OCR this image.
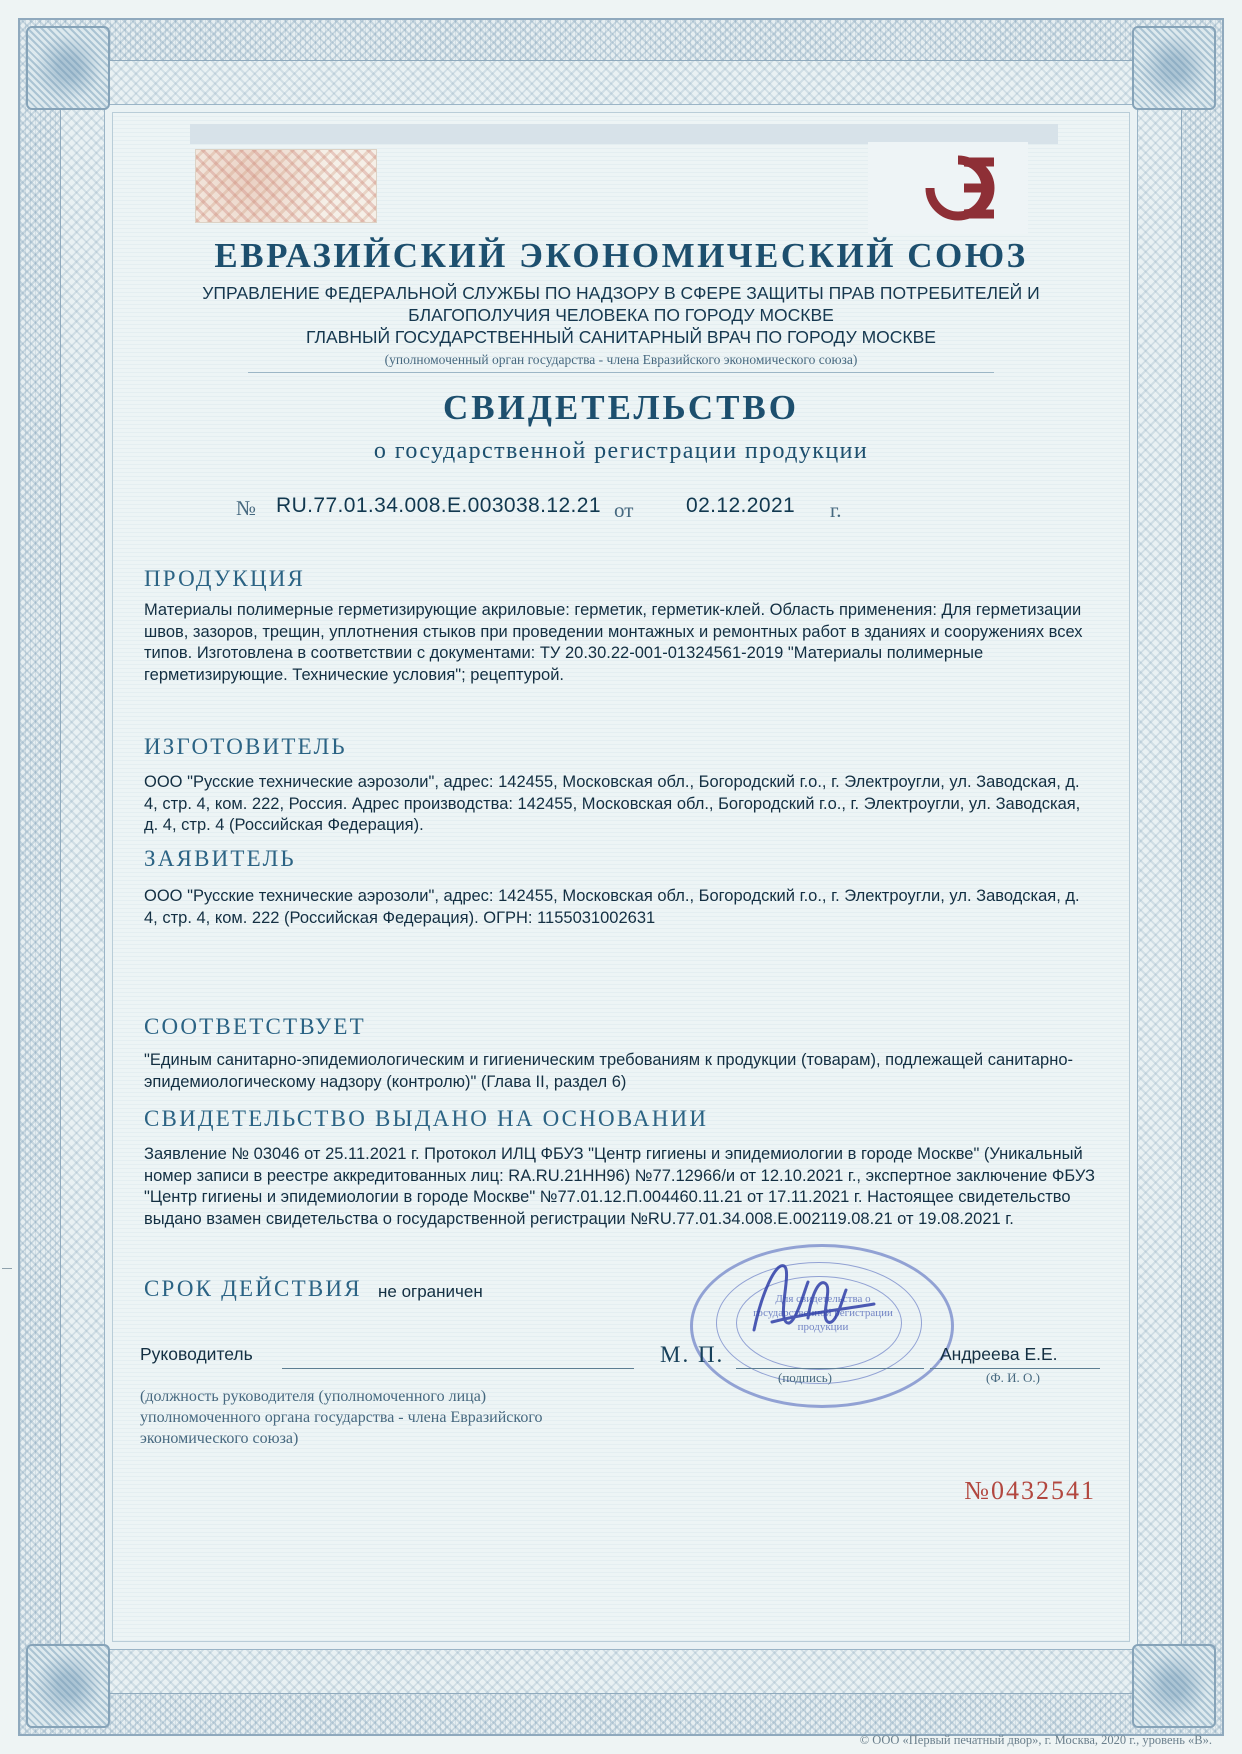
ЕВРАЗИЙСКИЙ ЭКОНОМИЧЕСКИЙ СОЮЗ
УПРАВЛЕНИЕ ФЕДЕРАЛЬНОЙ СЛУЖБЫ ПО НАДЗОРУ В СФЕРЕ ЗАЩИТЫ ПРАВ ПОТРЕБИТЕЛЕЙ И
БЛАГОПОЛУЧИЯ ЧЕЛОВЕКА ПО ГОРОДУ МОСКВЕ
ГЛАВНЫЙ ГОСУДАРСТВЕННЫЙ САНИТАРНЫЙ ВРАЧ ПО ГОРОДУ МОСКВЕ
(уполномоченный орган государства - члена Евразийского экономического союза)
СВИДЕТЕЛЬСТВО
о государственной регистрации продукции
№ RU.77.01.34.008.Е.003038.12.21 от	02.12.2021 г.
ПРОДУКЦИЯ
Материалы полимерные герметизирующие акриловые: герметик, герметик-клей. Область применения: Для герметизации швов, зазоров, трещин, уплотнения стыков при проведении монтажных и ремонтных работ в зданиях и сооружениях всех типов. Изготовлена в соответствии с документами: ТУ 20.30.22-001-01324561-2019 "Материалы полимерные герметизирующие. Технические условия"; рецептурой.
ИЗГОТОВИТЕЛЬ
ООО "Русские технические аэрозоли", адрес: 142455, Московская обл., Богородский г.о., г. Электроугли, ул. Заводская, д. 4, стр. 4, ком. 222, Россия. Адрес производства: 142455, Московская обл., Богородский г.о., г. Электроугли, ул. Заводская, д. 4, стр. 4 (Российская Федерация).
ЗАЯВИТЕЛЬ
ООО "Русские технические аэрозоли", адрес: 142455, Московская обл., Богородский г.о., г. Электроугли, ул. Заводская, д. 4, стр. 4, ком. 222 (Российская Федерация). ОГРН: 1155031002631
СООТВЕТСТВУЕТ
"Единым санитарно-эпидемиологическим и гигиеническим требованиям к продукции (товарам), подлежащей санитарно-эпидемиологическому надзору (контролю)" (Глава II, раздел 6)
СВИДЕТЕЛЬСТВО ВЫДАНО НА ОСНОВАНИИ
Заявление № 03046 от 25.11.2021 г. Протокол ИЛЦ ФБУЗ "Центр гигиены и эпидемиологии в городе Москве" (Уникальный номер записи в реестре аккредитованных лиц: RA.RU.21НН96) №77.12966/и от 12.10.2021 г., экспертное заключение ФБУЗ "Центр гигиены и эпидемиологии в городе Москве" №77.01.12.П.004460.11.21 от 17.11.2021 г. Настоящее свидетельство выдано взамен свидетельства о государственной регистрации №RU.77.01.34.008.Е.002119.08.21 от 19.08.2021 г.
СРОК ДЕЙСТВИЯ не ограничен	Для свидетельства о государственной регистрации продукции
Руководитель	М. П.
(подпись)
Андреева Е.Е.
(Ф. И. О.)
(должность руководителя (уполномоченного лица) уполномоченного органа государства - члена Евразийского экономического союза)
№0432541
© ООО «Первый печатный двор», г. Москва, 2020 г., уровень «В».
